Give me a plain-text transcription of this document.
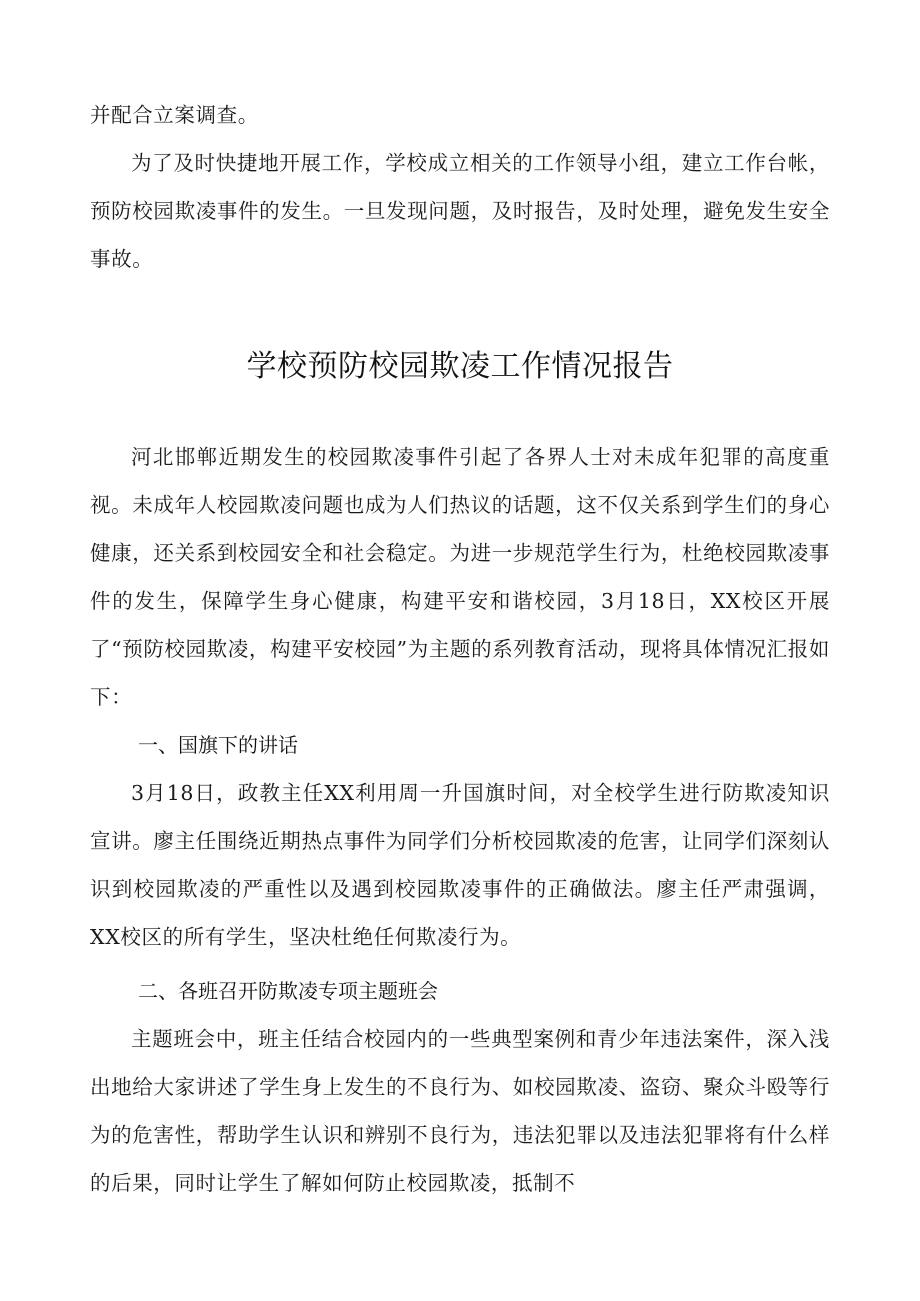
并配合立案调查。

为了及时快捷地开展工作，学校成立相关的工作领导小组，建立工作台帐，预防校园欺凌事件的发生。一旦发现问题，及时报告，及时处理，避免发生安全事故。

学校预防校园欺凌工作情况报告

河北邯郸近期发生的校园欺凌事件引起了各界人士对未成年犯罪的高度重视。未成年人校园欺凌问题也成为人们热议的话题，这不仅关系到学生们的身心健康，还关系到校园安全和社会稳定。为进一步规范学生行为，杜绝校园欺凌事件的发生，保障学生身心健康，构建平安和谐校园，3月18日，XX校区开展了“预防校园欺凌，构建平安校园”为主题的系列教育活动，现将具体情况汇报如下：

一、国旗下的讲话

3月18日，政教主任XX利用周一升国旗时间，对全校学生进行防欺凌知识宣讲。廖主任围绕近期热点事件为同学们分析校园欺凌的危害，让同学们深刻认识到校园欺凌的严重性以及遇到校园欺凌事件的正确做法。廖主任严肃强调，XX校区的所有学生，坚决杜绝任何欺凌行为。

二、各班召开防欺凌专项主题班会

主题班会中，班主任结合校园内的一些典型案例和青少年违法案件，深入浅出地给大家讲述了学生身上发生的不良行为、如校园欺凌、盗窃、聚众斗殴等行为的危害性，帮助学生认识和辨别不良行为，违法犯罪以及违法犯罪将有什么样的后果，同时让学生了解如何防止校园欺凌，抵制不
